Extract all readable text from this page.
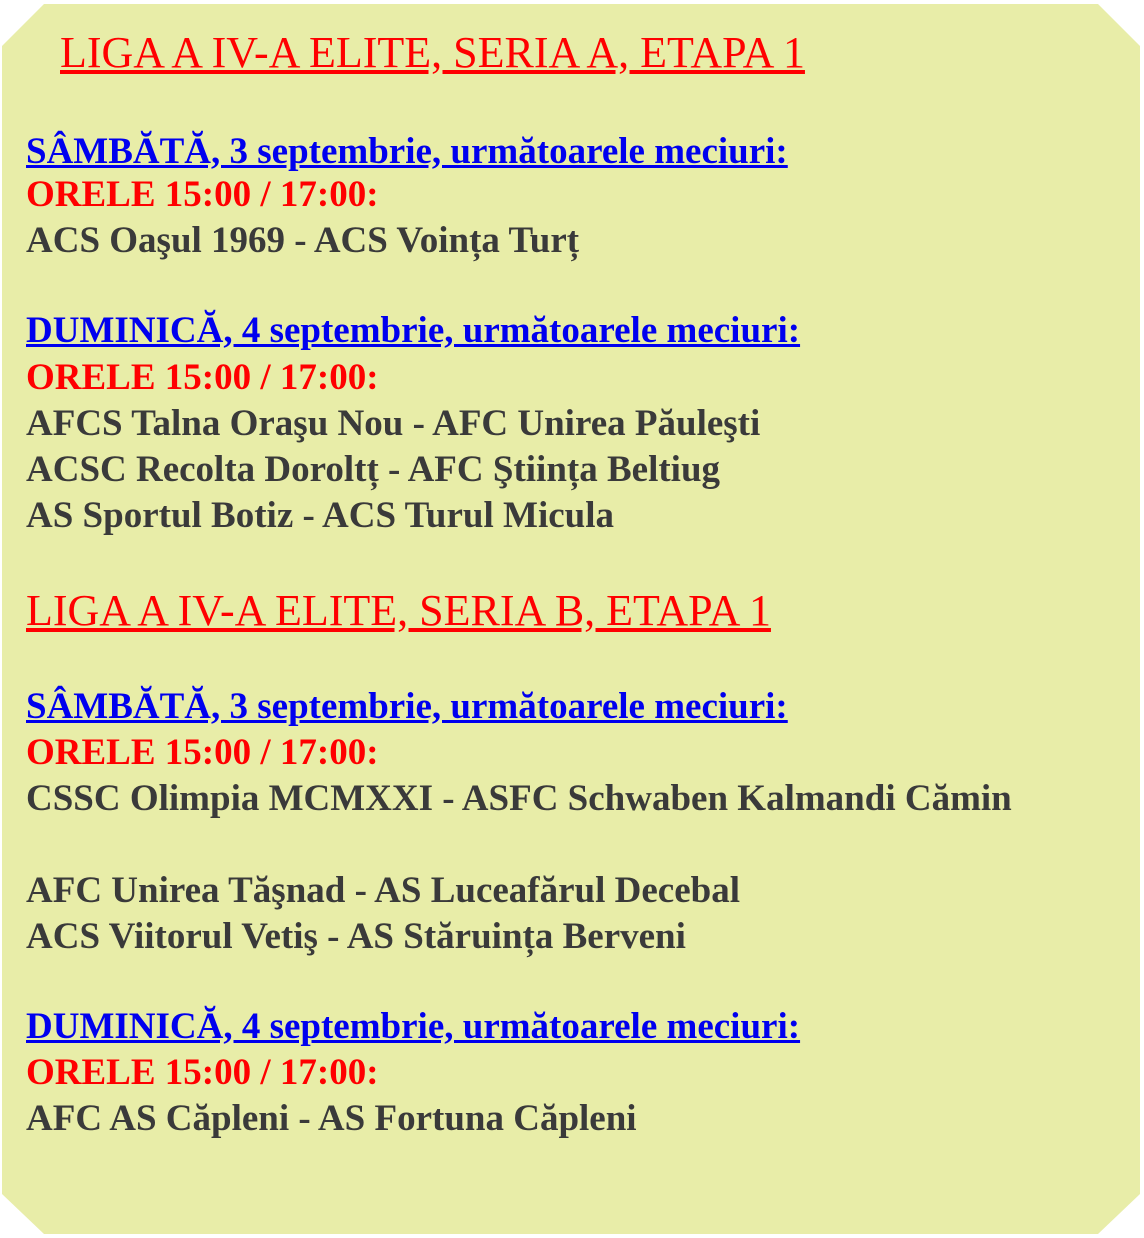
LIGA A IV-A ELITE, SERIA A, ETAPA 1
SÂMBĂTĂ, 3 septembrie, următoarele meciuri:
ORELE 15:00 / 17:00:
ACS Oaşul 1969 - ACS Voința Turț
DUMINICĂ, 4 septembrie, următoarele meciuri:
ORELE 15:00 / 17:00:
AFCS Talna Oraşu Nou - AFC Unirea Păuleşti
ACSC Recolta Doroltț - AFC Ştiința Beltiug
AS Sportul Botiz - ACS Turul Micula
LIGA A IV-A ELITE, SERIA B, ETAPA 1
SÂMBĂTĂ, 3 septembrie, următoarele meciuri:
ORELE 15:00 / 17:00:
CSSC Olimpia MCMXXI - ASFC Schwaben Kalmandi Cămin
AFC Unirea Tăşnad - AS Luceafărul Decebal
ACS Viitorul Vetiş - AS Stăruința Berveni
DUMINICĂ, 4 septembrie, următoarele meciuri:
ORELE 15:00 / 17:00:
AFC AS Căpleni - AS Fortuna Căpleni
